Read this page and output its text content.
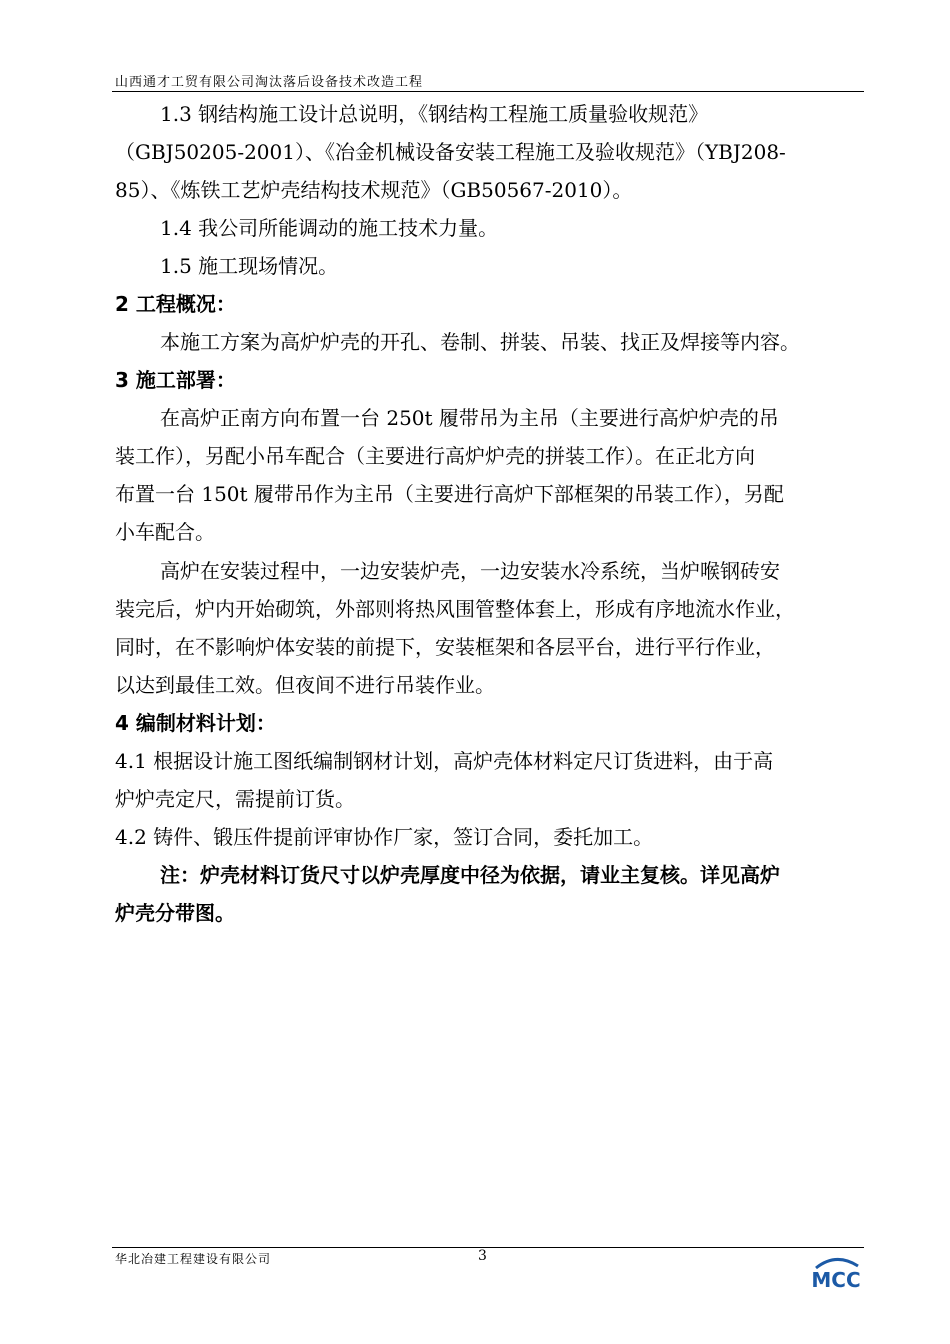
山西通才工贸有限公司淘汰落后设备技术改造工程
1.3 钢结构施工设计总说明，《钢结构工程施工质量验收规范》
（GBJ50205-2001）、《冶金机械设备安装工程施工及验收规范》（YBJ208-
85）、《炼铁工艺炉壳结构技术规范》（GB50567-2010）。
1.4 我公司所能调动的施工技术力量。
1.5 施工现场情况。
2 工程概况：
本施工方案为高炉炉壳的开孔、卷制、拼装、吊装、找正及焊接等内容。
3 施工部署：
在高炉正南方向布置一台 250t 履带吊为主吊（主要进行高炉炉壳的吊
装工作），另配小吊车配合（主要进行高炉炉壳的拼装工作）。在正北方向
布置一台 150t 履带吊作为主吊（主要进行高炉下部框架的吊装工作），另配
小车配合。
高炉在安装过程中，一边安装炉壳，一边安装水冷系统，当炉喉钢砖安
装完后，炉内开始砌筑，外部则将热风围管整体套上，形成有序地流水作业，
同时，在不影响炉体安装的前提下，安装框架和各层平台，进行平行作业，
以达到最佳工效。但夜间不进行吊装作业。
4 编制材料计划：
4.1 根据设计施工图纸编制钢材计划，高炉壳体材料定尺订货进料，由于高
炉炉壳定尺，需提前订货。
4.2 铸件、锻压件提前评审协作厂家，签订合同，委托加工。
注：炉壳材料订货尺寸以炉壳厚度中径为依据，请业主复核。详见高炉
炉壳分带图。
华北冶建工程建设有限公司	3
MCC
